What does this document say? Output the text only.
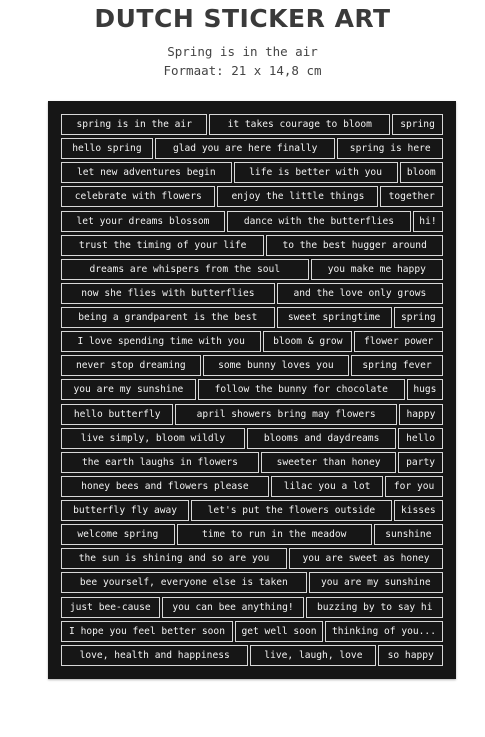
DUTCH STICKER ART
Spring is in the air
Formaat: 21 x 14,8 cm
spring is in the air	it takes courage to bloom	spring
hello spring	glad you are here finally	spring is here
let new adventures begin	life is better with you	bloom
celebrate with flowers	enjoy the little things	together
let your dreams blossom	dance with the butterflies	hi!
trust the timing of your life	to the best hugger around
dreams are whispers from the soul	you make me happy
now she flies with butterflies	and the love only grows
being a grandparent is the best	sweet springtime	spring
I love spending time with you	bloom & grow	flower power
never stop dreaming	some bunny loves you	spring fever
you are my sunshine	follow the bunny for chocolate	hugs
hello butterfly	april showers bring may flowers	happy
live simply, bloom wildly	blooms and daydreams	hello
the earth laughs in flowers	sweeter than honey	party
honey bees and flowers please	lilac you a lot	for you
butterfly fly away	let's put the flowers outside	kisses
welcome spring	time to run in the meadow	sunshine
the sun is shining and so are you	you are sweet as honey
bee yourself, everyone else is taken	you are my sunshine
just bee-cause	you can bee anything!	buzzing by to say hi
I hope you feel better soon	get well soon	thinking of you...
love, health and happiness	live, laugh, love	so happy
